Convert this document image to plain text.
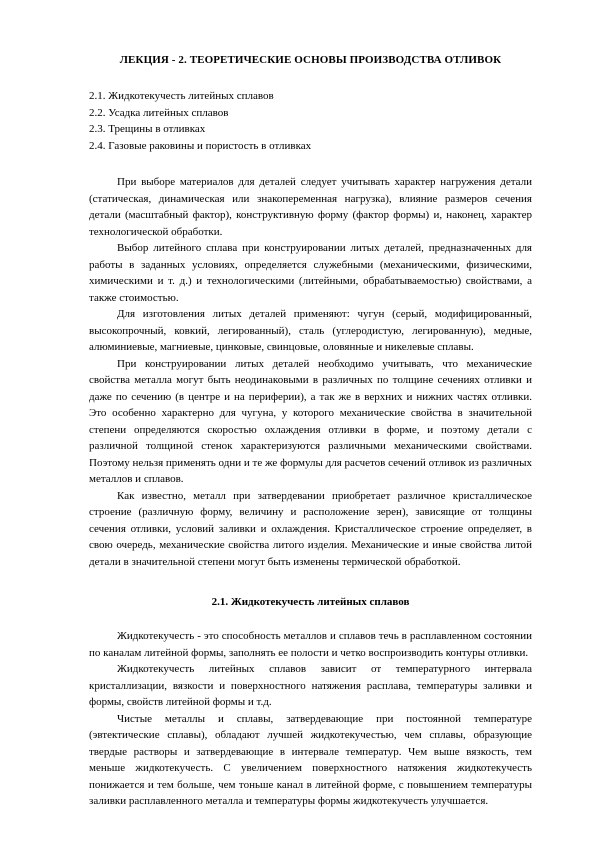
ЛЕКЦИЯ - 2. ТЕОРЕТИЧЕСКИЕ ОСНОВЫ ПРОИЗВОДСТВА ОТЛИВОК
2.1. Жидкотекучесть литейных сплавов
2.2. Усадка литейных сплавов
2.3. Трещины в отливках
2.4. Газовые раковины и пористость в отливках

При выборе материалов для деталей следует учитывать характер нагружения детали (статическая, динамическая или знакопеременная нагрузка), влияние размеров сечения детали (масштабный фактор), конструктивную форму (фактор формы) и, наконец, характер технологической обработки.

Выбор литейного сплава при конструировании литых деталей, предназначенных для работы в заданных условиях, определяется служебными (механическими, физическими, химическими и т. д.) и технологическими (литейными, обрабатываемостью) свойствами, а также стоимостью.

Для изготовления литых деталей применяют: чугун (серый, модифицированный, высокопрочный, ковкий, легированный), сталь (углеродистую, легированную), медные, алюминиевые, магниевые, цинковые, свинцовые, оловянные и никелевые сплавы.

При конструировании литых деталей необходимо учитывать, что механические свойства металла могут быть неодинаковыми в различных по толщине сечениях отливки и даже по сечению (в центре и на периферии), а так же в верхних и нижних частях отливки. Это особенно характерно для чугуна, у которого механические свойства в значительной степени определяются скоростью охлаждения отливки в форме, и поэтому детали с различной толщиной стенок характеризуются различными механическими свойствами. Поэтому нельзя применять одни и те же формулы для расчетов сечений отливок из различных металлов и сплавов.

Как известно, металл при затвердевании приобретает различное кристаллическое строение (различную форму, величину и расположение зерен), зависящие от толщины сечения отливки, условий заливки и охлаждения. Кристаллическое строение определяет, в свою очередь, механические свойства литого изделия. Механические и иные свойства литой детали в значительной степени могут быть изменены термической обработкой.

2.1. Жидкотекучесть литейных сплавов

Жидкотекучесть - это способность металлов и сплавов течь в расплавленном состоянии по каналам литейной формы, заполнять ее полости и четко воспроизводить контуры отливки.

Жидкотекучесть литейных сплавов зависит от температурного интервала кристаллизации, вязкости и поверхностного натяжения расплава, температуры заливки и формы, свойств литейной формы и т.д.

Чистые металлы и сплавы, затвердевающие при постоянной температуре (эвтектические сплавы), обладают лучшей жидкотекучестью, чем сплавы, образующие твердые растворы и затвердевающие в интервале температур. Чем выше вязкость, тем меньше жидкотекучесть. С увеличением поверхностного натяжения жидкотекучесть понижается и тем больше, чем тоньше канал в литейной форме, с повышением температуры заливки расплавленного металла и температуры формы жидкотекучесть улучшается.
